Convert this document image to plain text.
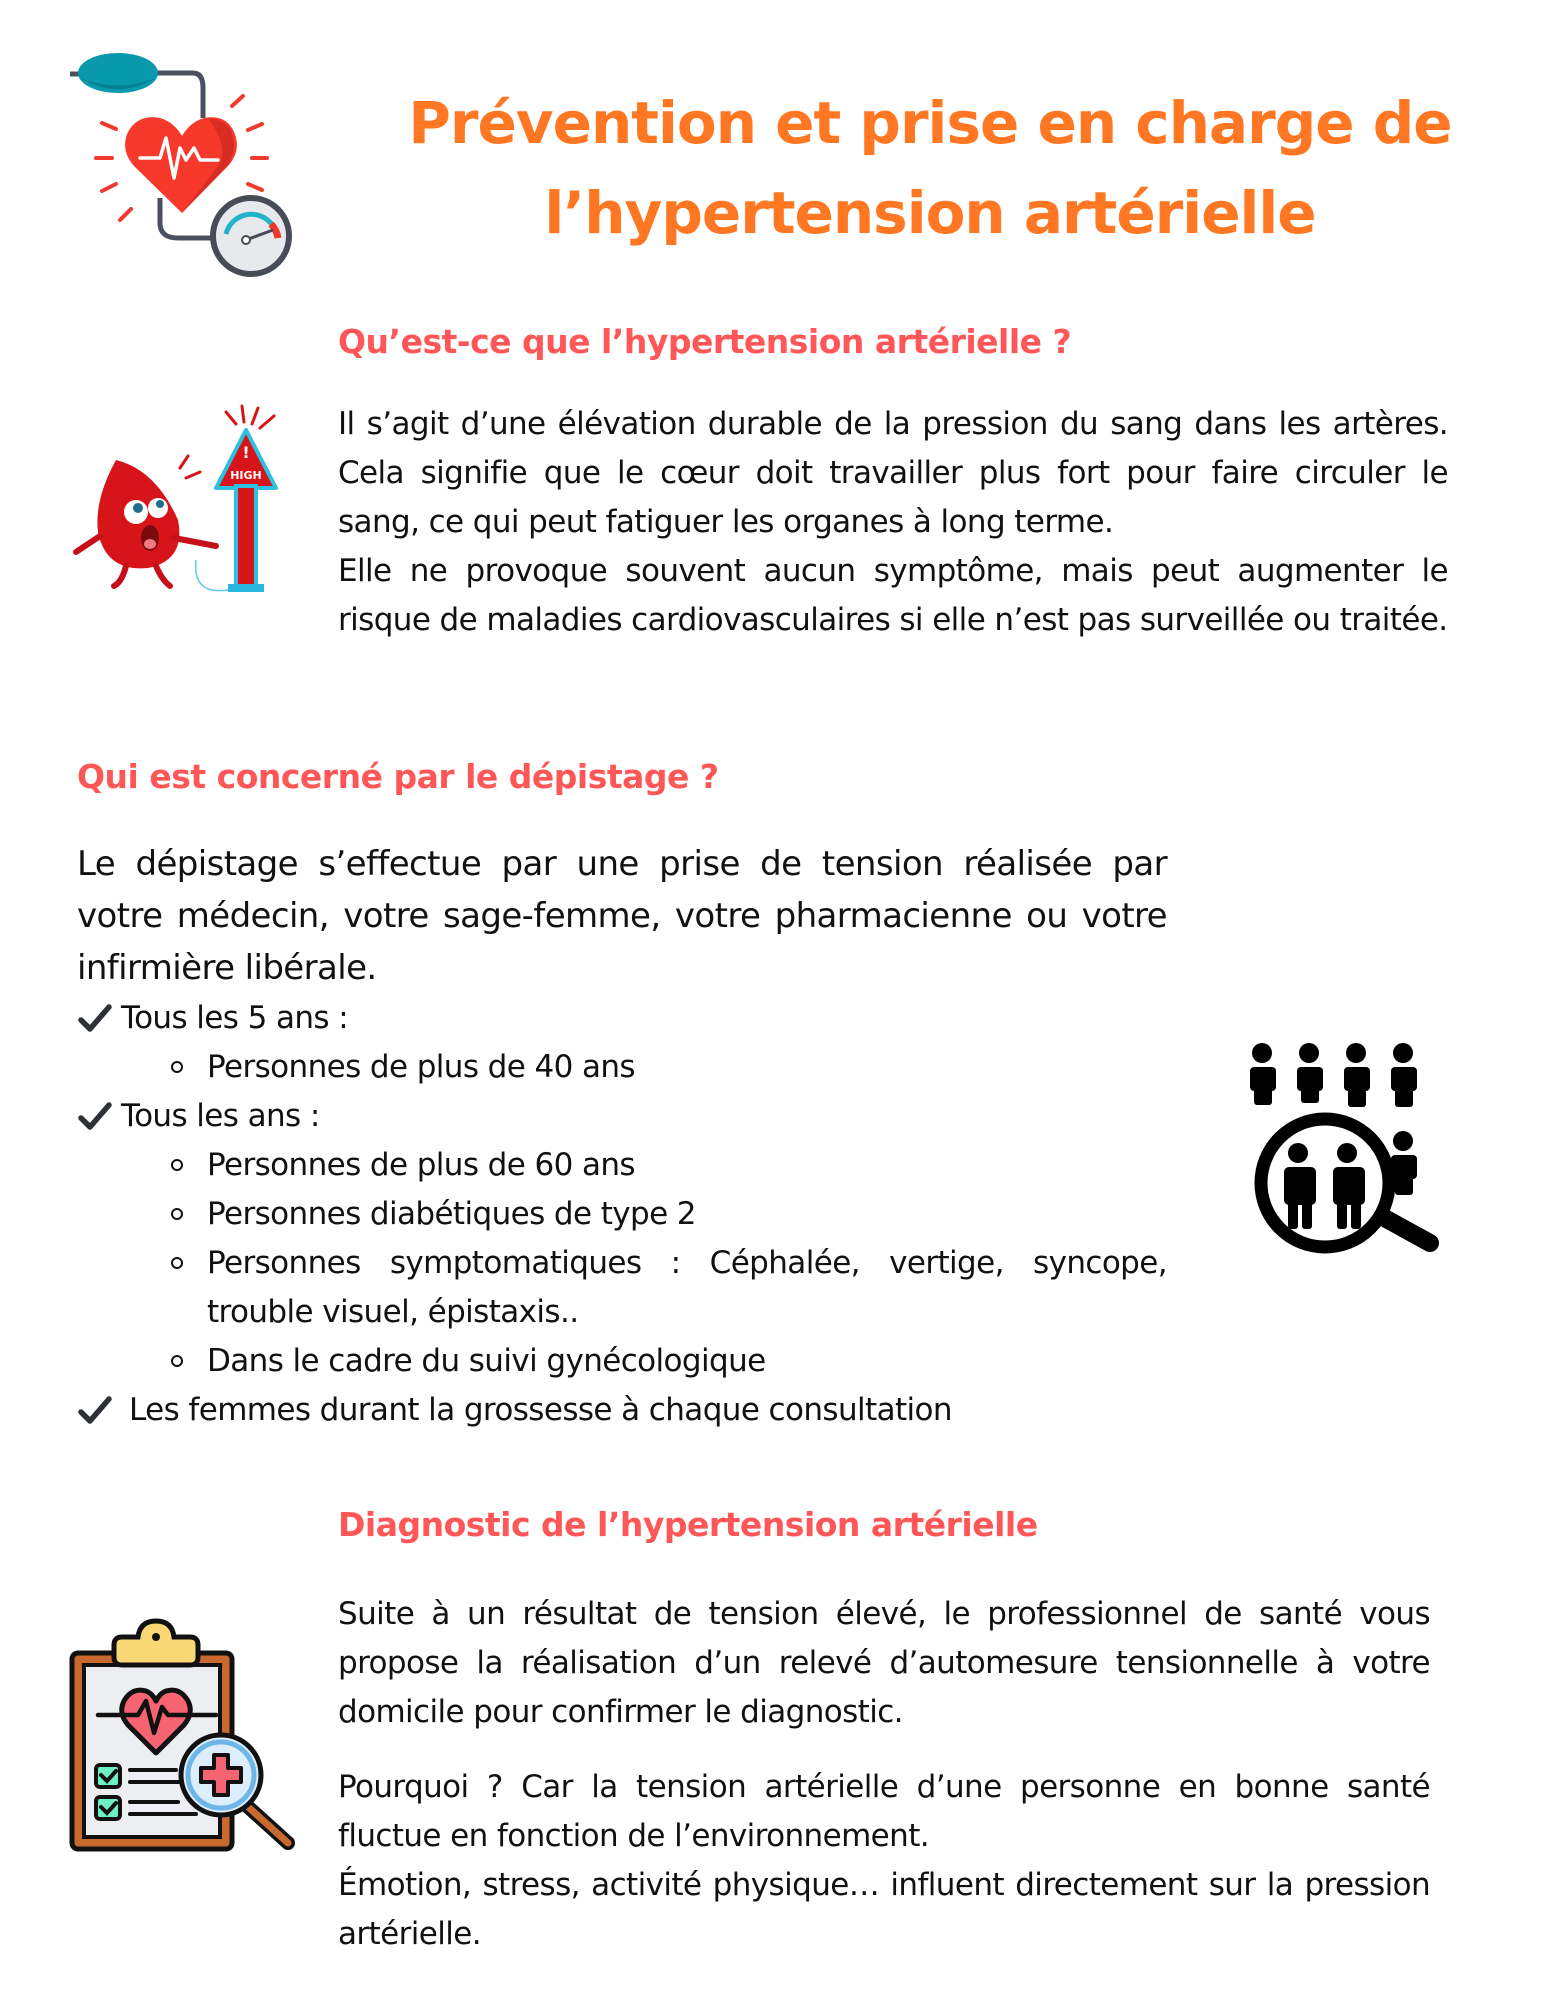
Prévention et prise en charge de
l’hypertension artérielle
Qu’est-ce que l’hypertension artérielle ?
!
HIGH

Il s’agit d’une élévation durable de la pression du sang dans les artères. Cela signifie que le cœur doit travailler plus fort pour faire circuler le sang, ce qui peut fatiguer les organes à long terme.

Elle ne provoque souvent aucun symptôme, mais peut augmenter le risque de maladies cardiovasculaires si elle n’est pas surveillée ou traitée.

Qui est concerné par le dépistage ?

Le dépistage s’effectue par une prise de tension réalisée par votre médecin, votre sage-femme, votre pharmacienne ou votre infirmière libérale.

Tous les 5 ans :
Personnes de plus de 40 ans
Tous les ans :
Personnes de plus de 60 ans
Personnes diabétiques de type 2
Personnes symptomatiques : Céphalée, vertige, syncope, trouble visuel, épistaxis..
Dans le cadre du suivi gynécologique
Les femmes durant la grossesse à chaque consultation
Diagnostic de l’hypertension artérielle

Suite à un résultat de tension élevé, le professionnel de santé vous propose la réalisation d’un relevé d’automesure tensionnelle à votre domicile pour confirmer le diagnostic.

Pourquoi ? Car la tension artérielle d’une personne en bonne santé fluctue en fonction de l’environnement.

Émotion, stress, activité physique… influent directement sur la pression artérielle.
